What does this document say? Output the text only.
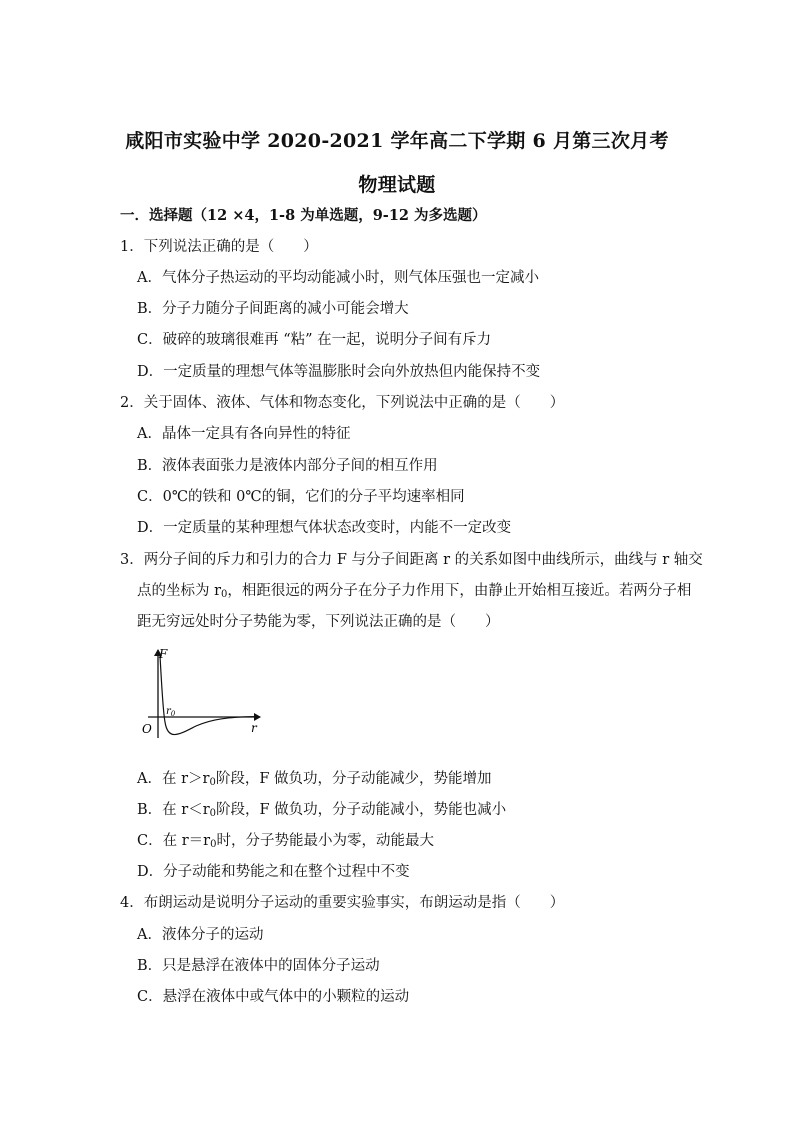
咸阳市实验中学 2020-2021 学年高二下学期 6 月第三次月考
物理试题
一．选择题（12 ×4，1-8 为单选题，9-12 为多选题）
1．下列说法正确的是（　　）
A．气体分子热运动的平均动能减小时，则气体压强也一定减小
B．分子力随分子间距离的减小可能会增大
C．破碎的玻璃很难再 “粘” 在一起，说明分子间有斥力
D．一定质量的理想气体等温膨胀时会向外放热但内能保持不变
2．关于固体、液体、气体和物态变化，下列说法中正确的是（　　）
A．晶体一定具有各向异性的特征
B．液体表面张力是液体内部分子间的相互作用
C．0℃的铁和 0℃的铜，它们的分子平均速率相同
D．一定质量的某种理想气体状态改变时，内能不一定改变
3．两分子间的斥力和引力的合力 F 与分子间距离 r 的关系如图中曲线所示，曲线与 r 轴交
点的坐标为 $r_0$，相距很远的两分子在分子力作用下，由静止开始相互接近。若两分子相
距无穷远处时分子势能为零，下列说法正确的是（　　）
F
r
O
$r_0$
A．在 $r>r_0$阶段，F 做负功，分子动能减少，势能增加
B．在 $r<r_0$阶段，F 做负功，分子动能减小，势能也减小
C．在 $r=r_0$时，分子势能最小为零，动能最大
D．分子动能和势能之和在整个过程中不变
4．布朗运动是说明分子运动的重要实验事实，布朗运动是指（　　）
A．液体分子的运动
B．只是悬浮在液体中的固体分子运动
C．悬浮在液体中或气体中的小颗粒的运动
